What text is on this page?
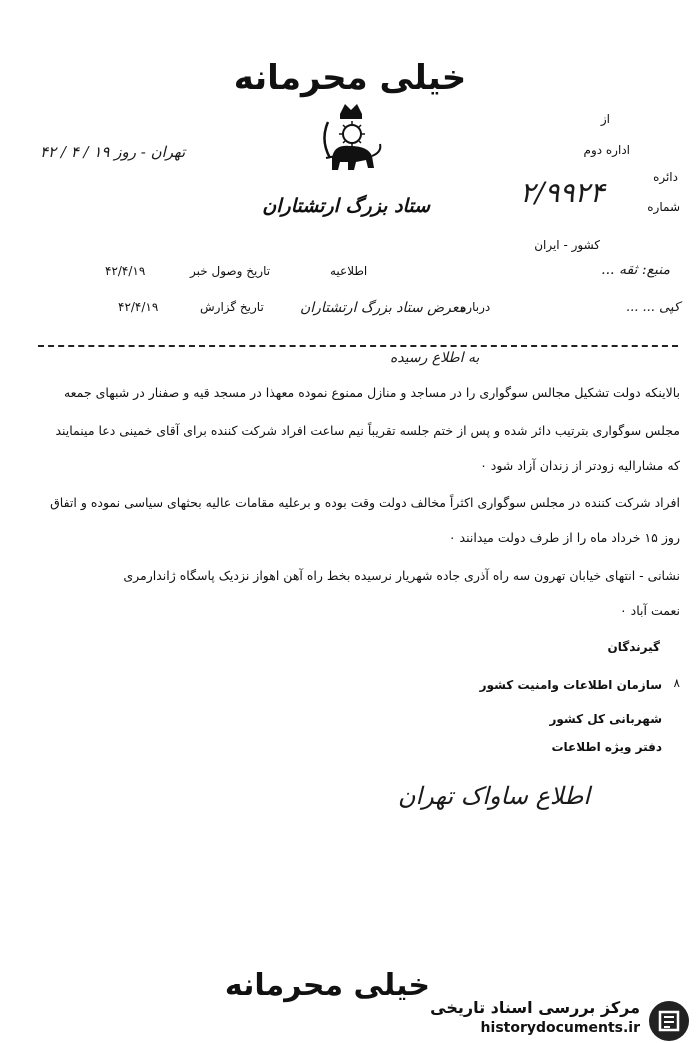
خیلی محرمانه
ستاد بزرگ ارتشتاران
از
اداره دوم
دائره
شماره
۲/۹۹۲۴
تهران - روز ۱۹ / ۴ / ۴۲
کشور - ایران
منبع: ثقه ...
کپی ... ...
اطلاعیه
تاریخ وصول خبر
۴۲/۴/۱۹
درباره
معرض ستاد بزرگ ارتشتاران
تاریخ گزارش
۴۲/۴/۱۹
به اطلاع رسیده
بالاینکه دولت تشکیل مجالس سوگواری را در مساجد و منازل ممنوع نموده معهذا در مسجد قیه و صفنار در شبهای جمعه
مجلس سوگواری بترتیب دائر شده و پس از ختم جلسه تقریباً نیم ساعت افراد شرکت کننده برای آقای خمینی دعا مینمایند
که مشارالیه زودتر از زندان آزاد شود ۰
افراد شرکت کننده در مجلس سوگواری اکثراً مخالف دولت وقت بوده و برعلیه مقامات عالیه بحثهای سیاسی نموده و اتفاق
روز ۱۵ خرداد ماه را از طرف دولت میدانند ۰
نشانی - انتهای خیابان تهرون سه راه آذری جاده شهریار نرسیده بخط راه آهن اهواز نزدیک پاسگاه ژاندارمری
نعمت آباد ۰
گیرندگان
۸
سازمان اطلاعات وامنیت کشور
شهربانی کل کشور
دفتر ویژه اطلاعات
اطلاع ساواک تهران
خیلی محرمانه
مرکز بررسی اسناد تاریخی
historydocuments.ir
